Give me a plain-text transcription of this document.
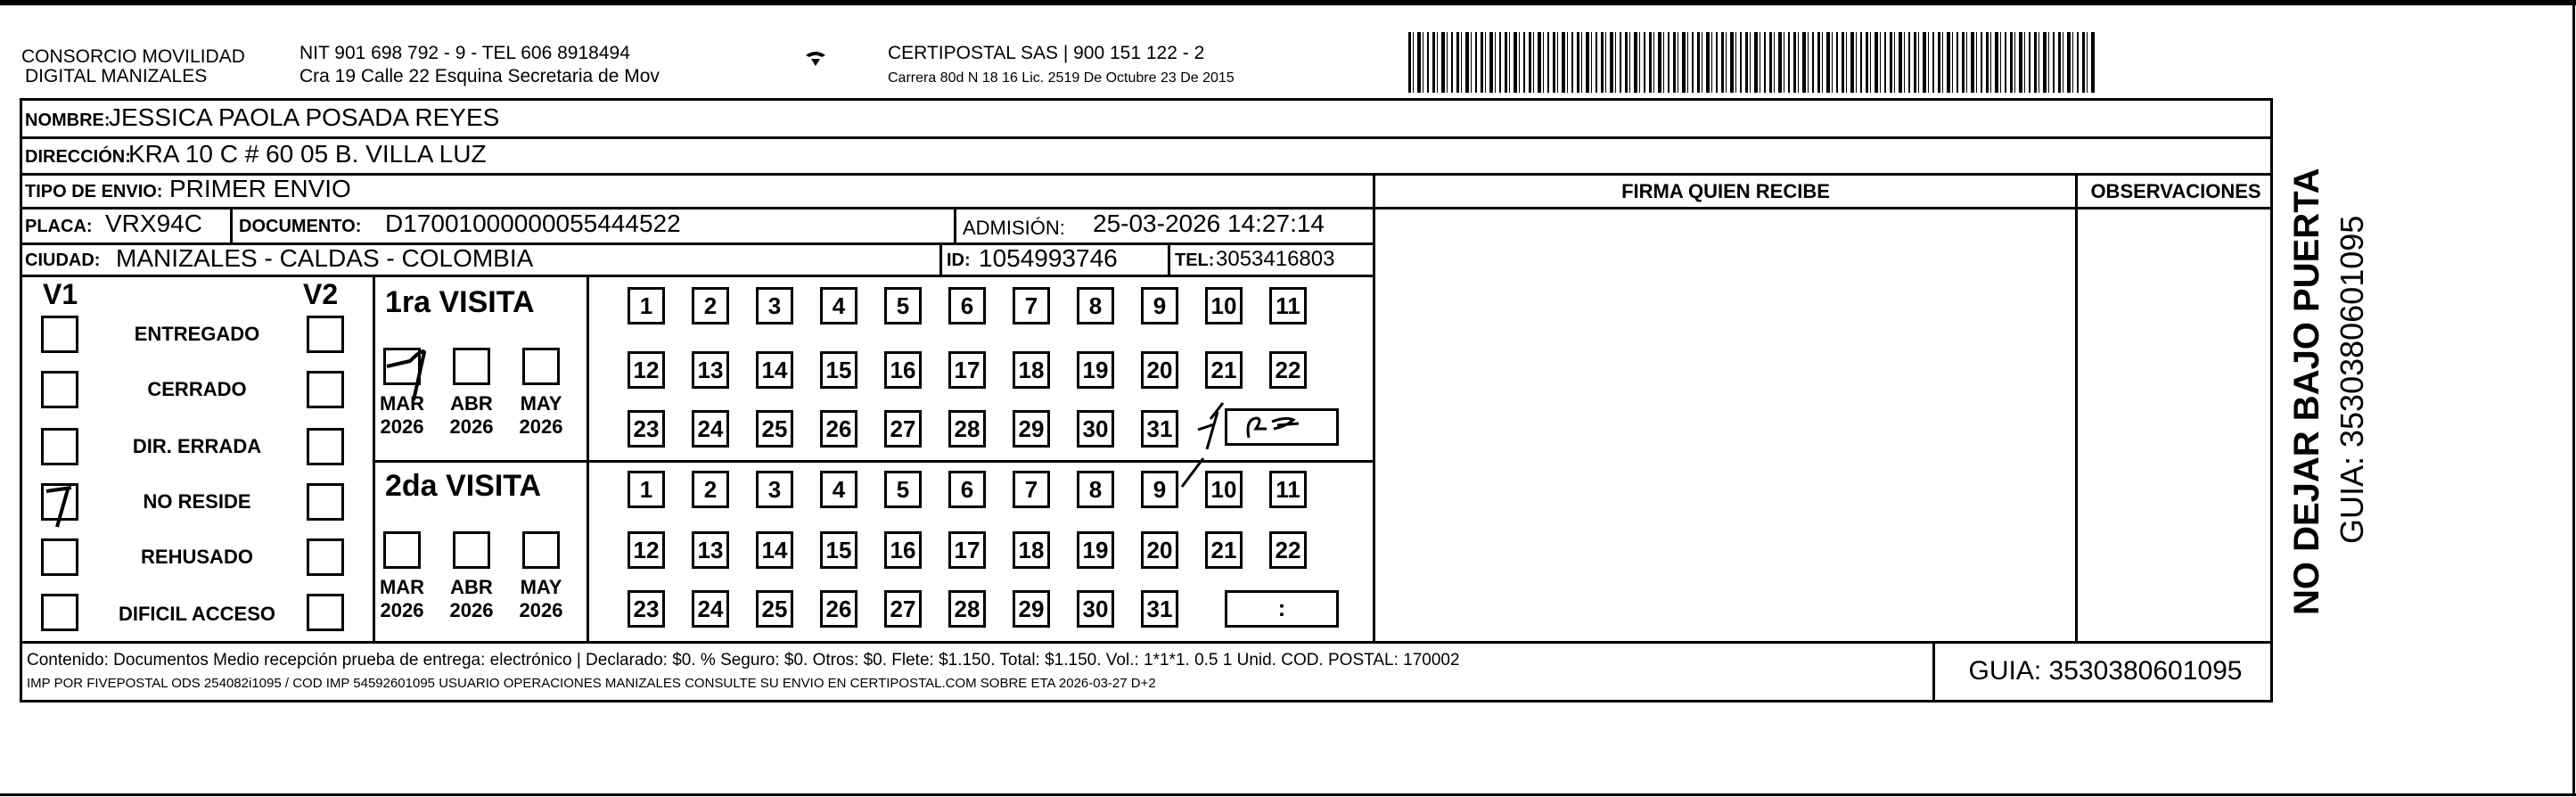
CONSORCIO MOVILIDAD
DIGITAL MANIZALES
NIT 901 698 792 - 9 - TEL 606 8918494
Cra 19 Calle 22 Esquina Secretaria de Mov
CERTIPOSTAL SAS | 900 151 122 - 2
Carrera 80d N 18 16 Lic. 2519 De Octubre 23 De 2015
NOMBRE:
JESSICA PAOLA POSADA REYES
DIRECCIÓN:
KRA 10 C # 60 05 B. VILLA LUZ
TIPO DE ENVIO: PRIMER ENVIO
PLACA: VRX94C DOCUMENTO: D17001000000055444522	ADMISIÓN: 25-03-2026 14:27:14
CIUDAD: MANIZALES - CALDAS - COLOMBIA	ID: 1054993746	TEL: 3053416803
FIRMA QUIEN RECIBE	OBSERVACIONES
V1	V2
ENTREGADO
CERRADO
DIR. ERRADA
NO RESIDE
REHUSADO
DIFICIL ACCESO
1ra VISITA
MAR	ABR	MAY
2026	2026	2026
2da VISITA
MAR	ABR	MAY
2026	2026	2026
1	2	3	4	5	6	7	8	9	10 11
12 13 14 15 16 17 18 19 20 21 22
23 24 25 26 27 28 29 30 31
1	2	3	4	5	6	7	8	9	10 11
12 13 14 15 16 17 18 19 20 21 22
23 24 25 26 27 28 29 30 31	:
Contenido: Documentos Medio recepción prueba de entrega: electrónico | Declarado: $0. % Seguro: $0. Otros: $0. Flete: $1.150. Total: $1.150. Vol.: 1*1*1. 0.5 1 Unid. COD. POSTAL: 170002
IMP POR FIVEPOSTAL ODS 254082i1095 / COD IMP 54592601095 USUARIO OPERACIONES MANIZALES CONSULTE SU ENVIO EN CERTIPOSTAL.COM SOBRE ETA 2026-03-27 D+2	GUIA: 3530380601095
NO DEJAR BAJO PUERTA GUIA: 3530380601095
